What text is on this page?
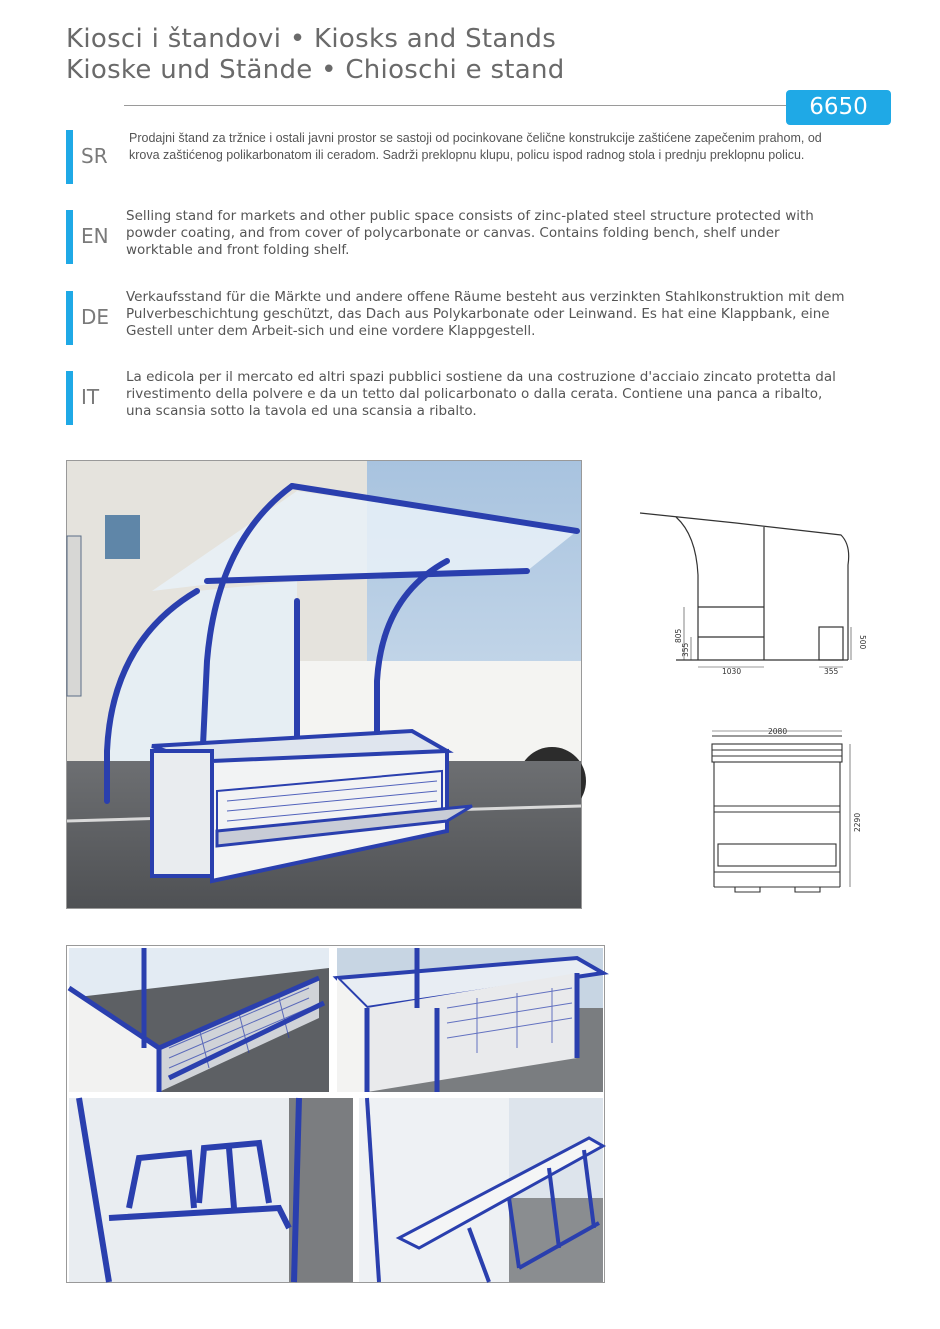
Kiosci i štandovi • Kiosks and Stands
Kioske und Stände • Chioschi e stand
6650
SR
Prodajni štand za tržnice i ostali javni prostor se sastoji od pocinkovane čelične konstrukcije zaštićene zapečenim prahom, od krova zaštićenog polikarbonatom ili ceradom. Sadrži preklopnu klupu, policu ispod radnog stola i prednju preklopnu policu.
EN
Selling stand for markets and other public space consists of zinc-plated steel structure protected with powder coating, and from cover of polycarbonate or canvas. Contains folding bench, shelf under worktable and front folding shelf.
DE
Verkaufsstand für die Märkte und andere offene Räume besteht aus verzinkten Stahlkonstruktion mit dem Pulverbeschichtung geschützt, das Dach aus Polykarbonate oder Leinwand. Es hat eine Klappbank, eine Gestell unter dem Arbeit-sich und eine vordere Klappgestell.
IT
La edicola per il mercato ed altri spazi pubblici sostiene da una costruzione d'acciaio zincato protetta dal rivestimento della polvere e da un tetto dal policarbonato o dalla cerata. Contiene una panca a ribalto, una scansia sotto la tavola ed una scansia a ribalto.
805
355
1030	355
500
2080
2290
